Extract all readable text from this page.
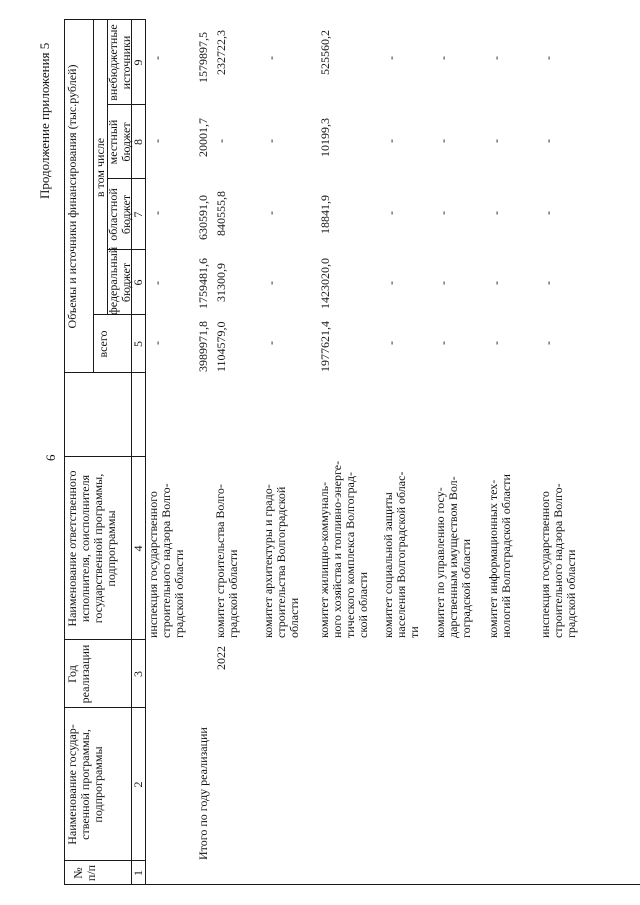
6
Продолжение приложения 5
№ п/п
Наименование государ- ственной программы, подпрограммы
Год реализации
Наименование ответственного исполнителя, соисполнителя государственной программы, подпрограммы
Объемы и источники финансирования (тыс.рублей)
всего
в том числе
федеральный бюджет
областной бюджет
местный бюджет
внебюджетные источники
1
2
3
4
5
6
7
8
9
инспекция государственного строительного надзора Волго- градской области
-
-
-
-
-
Итого по году реализации
3989971,8
1759481,6
630591,0
20001,7
1579897,5
2022
комитет строительства Волго- градской области
1104579,0
31300,9
840555,8
-
232722,3
комитет архитектуры и градо- строительства Волгоградской области
-
-
-
-
-
комитет жилищно-коммуналь- ного хозяйства и топливно-энерге- тического комплекса Волгоград- ской области
1977621,4
1423020,0
18841,9
10199,3
525560,2
комитет социальной защиты населения Волгоградской облас- ти
-
-
-
-
-
комитет по управлению госу- дарственным имуществом Вол- гоградской области
-
-
-
-
-
комитет информационных тех- нологий Волгоградской области
-
-
-
-
-
инспекция государственного строительного надзора Волго- градской области
-
-
-
-
-
